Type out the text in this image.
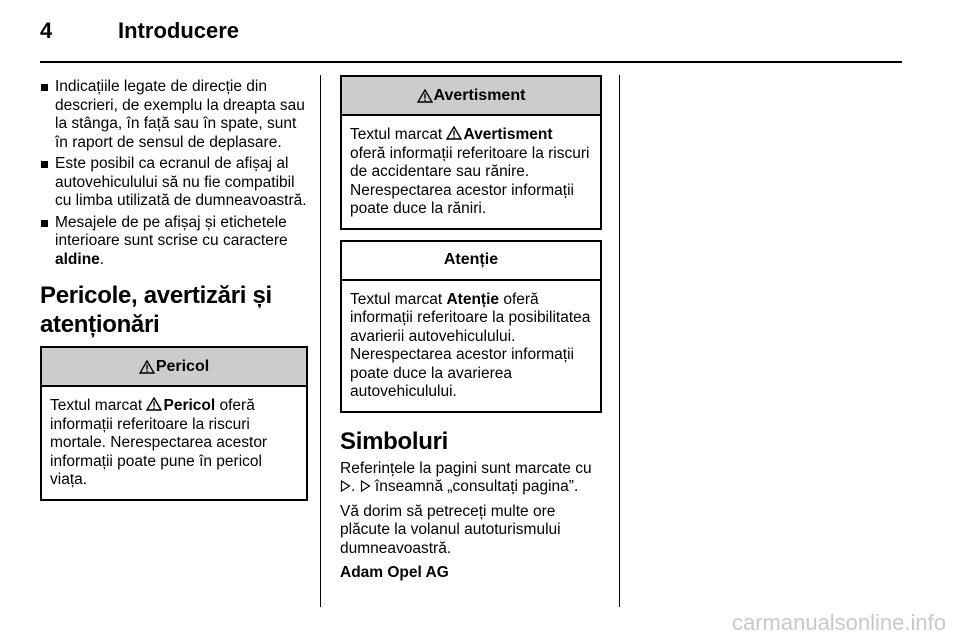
4	Introducere
Indicațiile legate de direcție din descrieri, de exemplu la dreapta sau la stânga, în față sau în spate, sunt în raport de sensul de deplasare.
Este posibil ca ecranul de afișaj al autovehiculului să nu fie compatibil cu limba utilizată de dumneavoastră.
Mesajele de pe afișaj și etichetele interioare sunt scrise cu caractere aldine.
Pericole, avertizări și atenționări
Pericol
Textul marcat Pericol oferă informații referitoare la riscuri mortale. Nerespectarea acestor informații poate pune în pericol viața.
Avertisment
Textul marcat Avertisment oferă informații referitoare la riscuri de accidentare sau rănire. Nerespectarea acestor informații poate duce la răniri.
Atenție
Textul marcat Atenție oferă informații referitoare la posibilitatea avarierii autovehiculului. Nerespectarea acestor informații poate duce la avarierea autovehiculului.
Simboluri

Referințele la pagini sunt marcate cu .  înseamnă „consultați pagina”.

Vă dorim să petreceți multe ore plăcute la volanul autoturismului dumneavoastră.

Adam Opel AG

carmanualsonline.info
